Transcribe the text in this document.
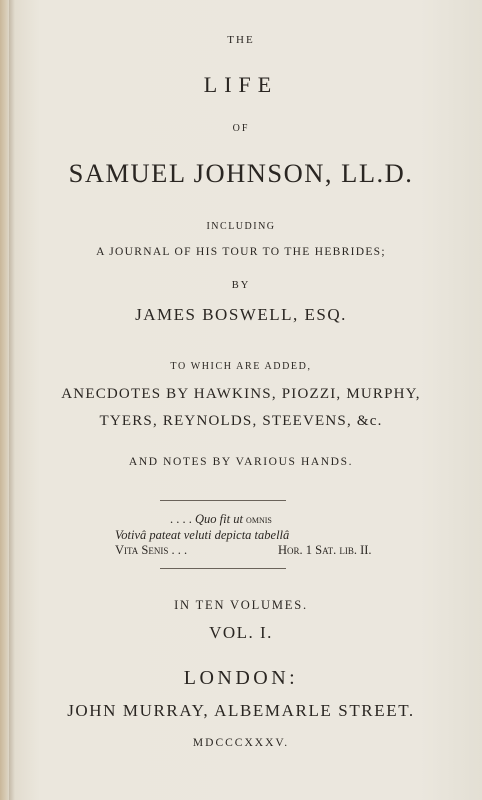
THE
LIFE
OF
SAMUEL JOHNSON, LL.D.
INCLUDING
A JOURNAL OF HIS TOUR TO THE HEBRIDES;
BY
JAMES BOSWELL, ESQ.
TO WHICH ARE ADDED,
ANECDOTES BY HAWKINS, PIOZZI, MURPHY,
TYERS, REYNOLDS, STEEVENS, &c.
AND NOTES BY VARIOUS HANDS.
. . . . Quo fit ut omnis
Votivâ pateat veluti depicta tabellâ
Vita Senis . . .	Hor. 1 Sat. lib. II.
IN TEN VOLUMES.
VOL. I.
LONDON:
JOHN MURRAY, ALBEMARLE STREET.
MDCCCXXXV.
